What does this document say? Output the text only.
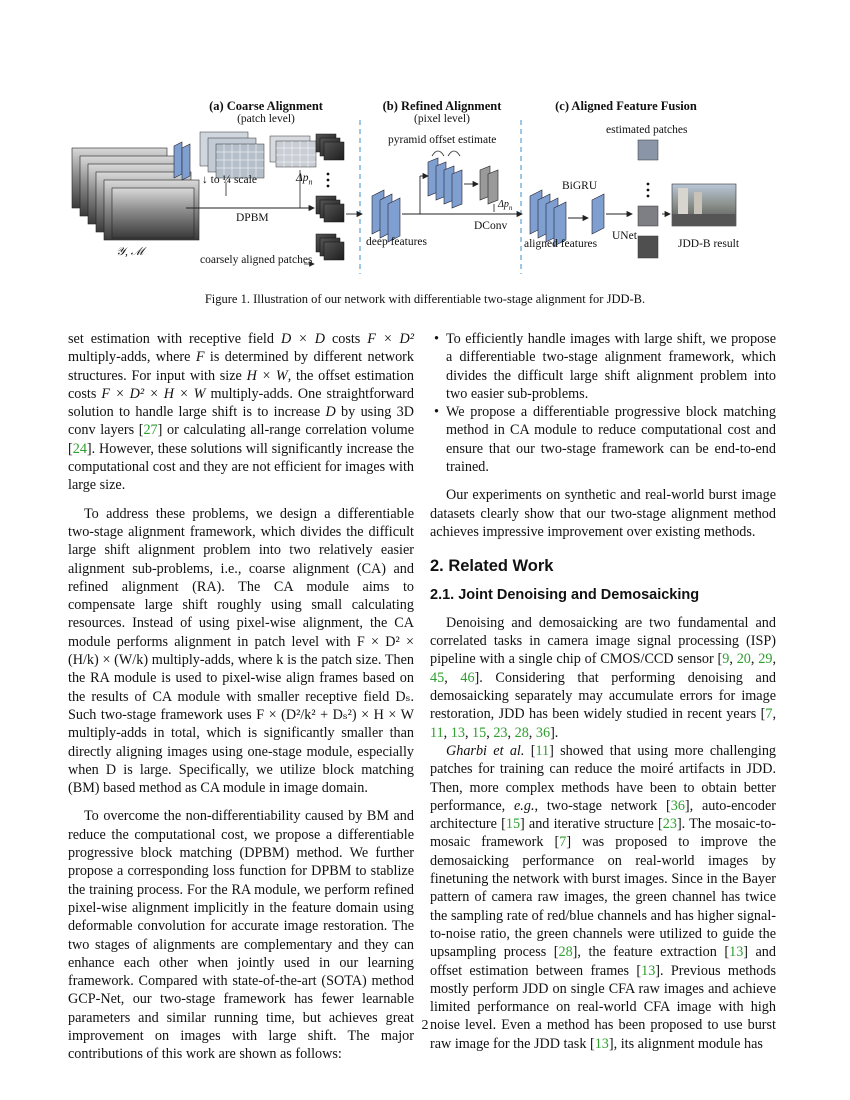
(a) Coarse Alignment
(patch level)
(b) Refined Alignment
(pixel level)
(c) Aligned Feature Fusion
↓ to ¼ scale	$\Delta p_n$
DPBM
𝒴, ℳ
coarsely aligned patches
pyramid offset estimate
deep features
DConv
$\Delta p_n$
estimated patches
BiGRU
UNet
aligned features	JDD-B result
Figure 1. Illustration of our network with differentiable two-stage alignment for JDD-B.

set estimation with receptive field D × D costs F × D² multiply-adds, where F is determined by different network structures. For input with size H × W, the offset estimation costs F × D² × H × W multiply-adds. One straightforward solution to handle large shift is to increase D by using 3D conv layers [27] or calculating all-range correlation volume [24]. However, these solutions will significantly increase the computational cost and they are not efficient for images with large size.

To address these problems, we design a differentiable two-stage alignment framework, which divides the difficult large shift alignment problem into two relatively easier alignment sub-problems, i.e., coarse alignment (CA) and refined alignment (RA). The CA module aims to compensate large shift roughly using small calculating resources. Instead of using pixel-wise alignment, the CA module performs alignment in patch level with F × D² × (H/k) × (W/k) multiply-adds, where k is the patch size. Then the RA module is used to pixel-wise align frames based on the results of CA module with smaller receptive field Dₛ. Such two-stage framework uses F × (D²/k² + Dₛ²) × H × W multiply-adds in total, which is significantly smaller than directly aligning images using one-stage module, especially when D is large. Specifically, we utilize block matching (BM) based method as CA module in image domain.

To overcome the non-differentiability caused by BM and reduce the computational cost, we propose a differentiable progressive block matching (DPBM) method. We further propose a corresponding loss function for DPBM to stablize the training process. For the RA module, we perform refined pixel-wise alignment implicitly in the feature domain using deformable convolution for accurate image restoration. The two stages of alignments are complementary and they can enhance each other when jointly used in our learning framework. Compared with state-of-the-art (SOTA) method GCP-Net, our two-stage framework has fewer learnable parameters and similar running time, but achieves great improvement on images with large shift. The major contributions of this work are shown as follows:

• To efficiently handle images with large shift, we propose a differentiable two-stage alignment framework, which divides the difficult large shift alignment problem into two easier sub-problems.
• We propose a differentiable progressive block matching method in CA module to reduce computational cost and ensure that our two-stage framework can be end-to-end trained.

Our experiments on synthetic and real-world burst image datasets clearly show that our two-stage alignment method achieves impressive improvement over existing methods.

2. Related Work
2.1. Joint Denoising and Demosaicking

Denoising and demosaicking are two fundamental and correlated tasks in camera image signal processing (ISP) pipeline with a single chip of CMOS/CCD sensor [9, 20, 29, 45, 46]. Considering that performing denoising and demosaicking separately may accumulate errors for image restoration, JDD has been widely studied in recent years [7, 11, 13, 15, 23, 28, 36].

Gharbi et al. [11] showed that using more challenging patches for training can reduce the moiré artifacts in JDD. Then, more complex methods have been to obtain better performance, e.g., two-stage network [36], auto-encoder architecture [15] and iterative structure [23]. The mosaic-to-mosaic framework [7] was proposed to improve the demosaicking performance on real-world images by finetuning the network with burst images. Since in the Bayer pattern of camera raw images, the green channel has twice the sampling rate of red/blue channels and has higher signal-to-noise ratio, the green channels were utilized to guide the upsampling process [28], the feature extraction [13] and offset estimation between frames [13]. Previous methods mostly perform JDD on single CFA raw images and achieve limited performance on real-world CFA image with high noise level. Even a method has been proposed to use burst raw image for the JDD task [13], its alignment module has

2
